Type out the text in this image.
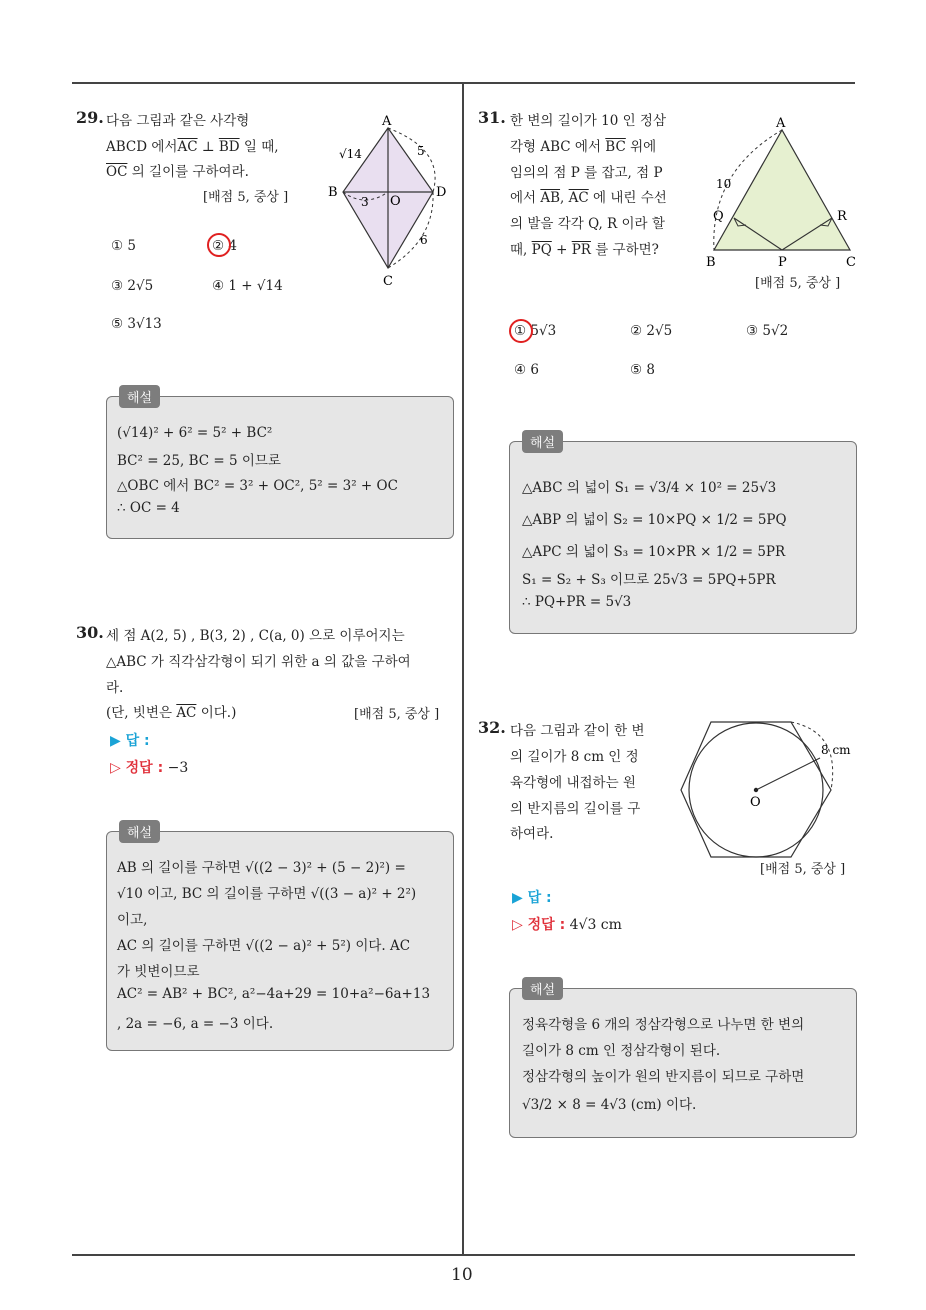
10
29. 다음 그림과 같은 사각형
ABCD 에서$\overline{AC}$ ⊥ $\overline{BD}$ 일 때,
$\overline{OC}$ 의 길이를 구하여라.
[배점 5, 중상 ]
A
B
C
D
O
√14	5
3
6
① 5	② 4
③ 2√5	④ 1 + √14
⑤ 3√13
해설
(√14)² + 6² = 5² + BC²
BC² = 25, BC = 5 이므로
△OBC 에서 BC² = 3² + OC², 5² = 3² + OC
∴ OC = 4
30. 세 점 A(2, 5) , B(3, 2) , C(a, 0) 으로 이루어지는
△ABC 가 직각삼각형이 되기 위한 a 의 값을 구하여
라.
(단, 빗변은 $\overline{AC}$ 이다.)	[배점 5, 중상 ]
▶ 답 :
▷ 정답 : −3
해설
AB 의 길이를 구하면 √((2 − 3)² + (5 − 2)²) =
√10 이고, BC 의 길이를 구하면 √((3 − a)² + 2²)
이고,
AC 의 길이를 구하면 √((2 − a)² + 5²) 이다. AC
가 빗변이므로
AC² = AB² + BC², a²−4a+29 = 10+a²−6a+13
, 2a = −6, a = −3 이다.
31. 한 변의 길이가 10 인 정삼
각형 ABC 에서 $\overline{BC}$ 위에
임의의 점 P 를 잡고, 점 P
에서 $\overline{AB}$, $\overline{AC}$ 에 내린 수선
의 발을 각각 Q, R 이라 할
때, $\overline{PQ} + \overline{PR}$ 를 구하면?
A
B	C
P
Q	R
10
[배점 5, 중상 ]
① 5√3	② 2√5	③ 5√2
④ 6	⑤ 8
해설
△ABC 의 넓이 S₁ = √3/4 × 10² = 25√3
△ABP 의 넓이 S₂ = 10×PQ × 1/2 = 5PQ
△APC 의 넓이 S₃ = 10×PR × 1/2 = 5PR
S₁ = S₂ + S₃ 이므로 25√3 = 5PQ+5PR
∴ PQ+PR = 5√3
32. 다음 그림과 같이 한 변
의 길이가 8 cm 인 정
육각형에 내접하는 원
의 반지름의 길이를 구
하여라.
O
8 cm
[배점 5, 중상 ]
▶ 답 :
▷ 정답 : 4√3 cm
해설
정육각형을 6 개의 정삼각형으로 나누면 한 변의
길이가 8 cm 인 정삼각형이 된다.
정삼각형의 높이가 원의 반지름이 되므로 구하면
√3/2 × 8 = 4√3 (cm) 이다.
